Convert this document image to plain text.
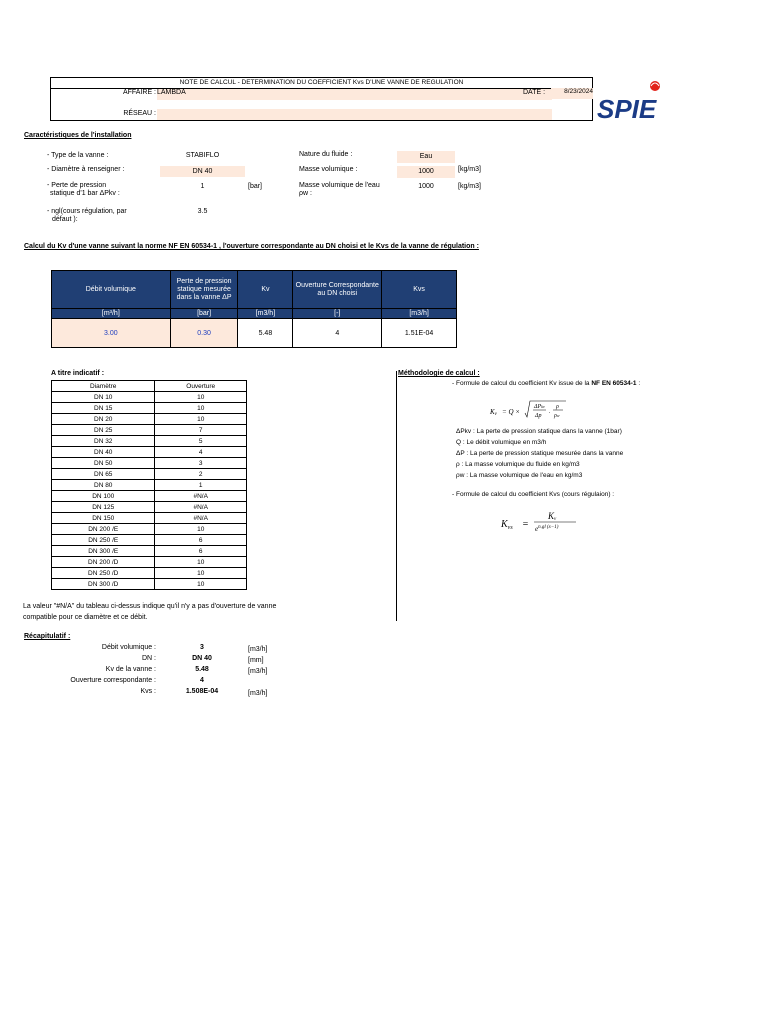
NOTE DE CALCUL - DETERMINATION DU COEFFICIENT Kvs D'UNE VANNE DE REGULATION
AFFAIRE : LAMBDA	DATE :	8/23/2024
RÉSEAU :	SPIE
Caractéristiques de l'installation
- Type de la vanne :	STABIFLO
- Diamètre à renseigner :	DN 40
- Perte de pression
statique d'1 bar ΔPkv :
1	[bar]
- ngl(cours régulation, par
défaut ):
3.5
Nature du fluide :	Eau
Masse volumique :	1000	[kg/m3]
Masse volumique de l'eau
ρw :
1000	[kg/m3]
Calcul du Kv d'une vanne suivant la norme NF EN 60534-1 , l'ouverture correspondante au DN choisi et le Kvs de la vanne de régulation :
Débit volumique	Perte de pression statique mesurée dans la vanne ΔP	Kv	Ouverture Correspondante au DN choisi	Kvs
[m³/h]	[bar]	[m3/h]	[-]	[m3/h]
3.00	0.30	5.48	4	1.51E-04
A titre indicatif :
Diamètre	Ouverture
DN 10	10
DN 15	10
DN 20	10
DN 25	7
DN 32	5
DN 40	4
DN 50	3
DN 65	2
DN 80	1
DN 100	#N/A
DN 125	#N/A
DN 150	#N/A
DN 200 /E	10
DN 250 /E	6
DN 300 /E	6
DN 200 /D	10
DN 250 /D	10
DN 300 /D	10
La valeur "#N/A" du tableau ci-dessus indique qu'il n'y a pas d'ouverture de vanne
compatible pour ce diamètre et ce débit.
Méthodologie de calcul :
- Formule de calcul du coefficient Kv issue de la NF EN 60534-1 :
Kv = Q ×
ΔPkv
Δp
.
ρ
ρw
ΔPkv : La perte de pression statique dans la vanne (1bar)
Q : Le débit volumique en m3/h
ΔP : La perte de pression statique mesurée dans la vanne
ρ : La masse volumique du fluide en kg/m3
ρw : La masse volumique de l'eau en kg/m3
- Formule de calcul du coefficient Kvs (cours régulaion) :
$K_{vs}$ =
Kv
$e^{n.gl (x-1)}$
Récapitulatif :
Débit volumique :	3	[m3/h]
DN :	DN 40	[mm]
Kv de la vanne :	5.48	[m3/h]
Ouverture correspondante :	4
Kvs :	1.508E-04	[m3/h]
